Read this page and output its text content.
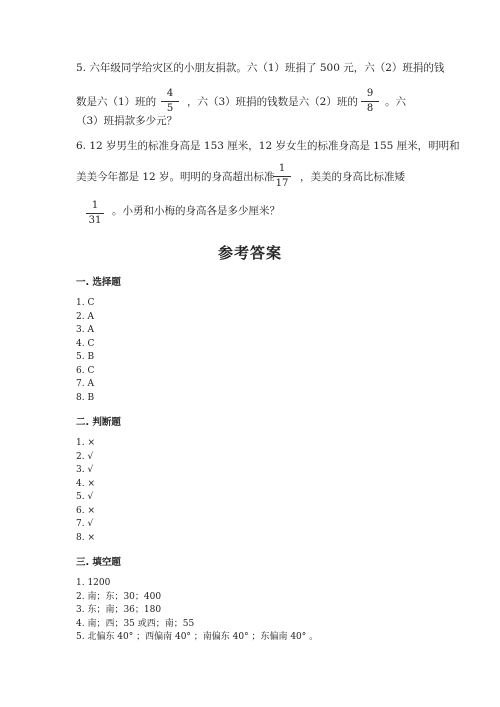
5. 六年级同学给灾区的小朋友捐款。六（1）班捐了 500 元，六（2）班捐的钱
数是六（1）班的 $\frac{4}{5}$ ，六（3）班捐的钱数是六（2）班的 $\frac{9}{8}$ 。六
（3）班捐款多少元？
6. 12 岁男生的标准身高是 153 厘米，12 岁女生的标准身高是 155 厘米，明明和
美美今年都是 12 岁。明明的身高超出标准
$\frac{1}{17}$ ，美美的身高比标准矮
$\frac{1}{31}$ 。小勇和小梅的身高各是多少厘米？
参考答案
一. 选择题
1. C
2. A
3. A
4. C
5. B
6. C
7. A
8. B
二. 判断题
1. ×
2. √
3. √
4. ×
5. √
6. ×
7. √
8. ×
三. 填空题
1. 1200
2. 南；东；30；400
3. 东；南；36；180
4. 南；西；35 或西；南；55
5. 北偏东 40° ；西偏南 40° ；南偏东 40° ；东偏南 40° 。
